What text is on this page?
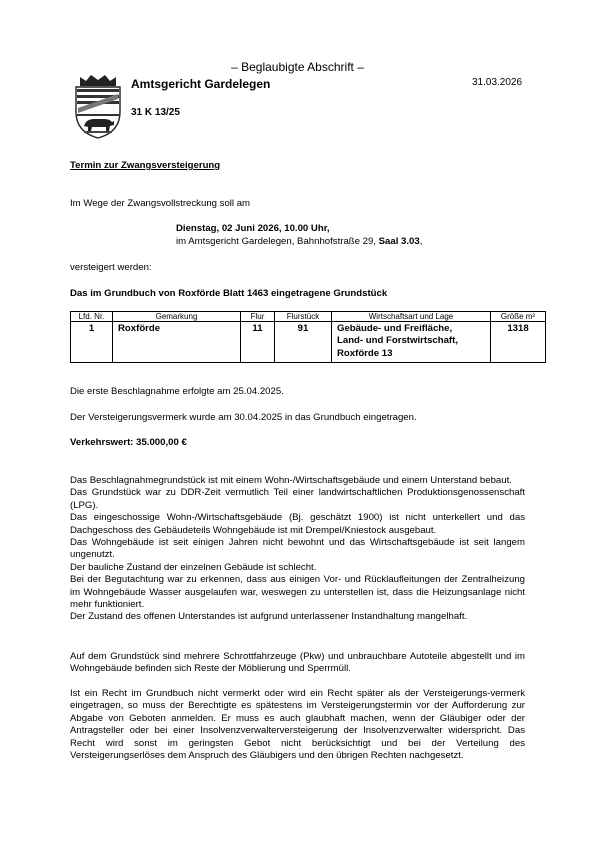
– Beglaubigte Abschrift –
Amtsgericht Gardelegen	31.03.2026
31 K 13/25
Termin zur Zwangsversteigerung
Im Wege der Zwangsvollstreckung soll am
Dienstag, 02 Juni 2026, 10.00 Uhr,
im Amtsgericht Gardelegen, Bahnhofstraße 29, Saal 3.03,
versteigert werden:
Das im Grundbuch von Roxförde Blatt 1463 eingetragene Grundstück
Lfd. Nr.	Gemarkung	Flur	Flurstück	Wirtschaftsart und Lage	Größe m²
1	Roxförde	11	91	Gebäude- und Freifläche,
Land- und Forstwirtschaft,
Roxförde 13	1318
Die erste Beschlagnahme erfolgte am 25.04.2025.
Der Versteigerungsvermerk wurde am 30.04.2025 in das Grundbuch eingetragen.
Verkehrswert: 35.000,00 €

Das Beschlagnahmegrundstück ist mit einem Wohn-/Wirtschaftsgebäude und einem Unterstand bebaut.

Das Grundstück war zu DDR-Zeit vermutlich Teil einer landwirtschaftlichen Produktionsgenossenschaft (LPG).

Das eingeschossige Wohn-/Wirtschaftsgebäude (Bj. geschätzt 1900) ist nicht unterkellert und das Dachgeschoss des Gebäudeteils Wohngebäude ist mit Drempel/Kniestock ausgebaut.

Das Wohngebäude ist seit einigen Jahren nicht bewohnt und das Wirtschaftsgebäude ist seit langem ungenutzt.

Der bauliche Zustand der einzelnen Gebäude ist schlecht.

Bei der Begutachtung war zu erkennen, dass aus einigen Vor- und Rücklaufleitungen der Zentralheizung im Wohngebäude Wasser ausgelaufen war, weswegen zu unterstellen ist, dass die Heizungsanlage nicht mehr funktioniert.

Der Zustand des offenen Unterstandes ist aufgrund unterlassener Instandhaltung mangelhaft.

Auf dem Grundstück sind mehrere Schrottfahrzeuge (Pkw) und unbrauchbare Autoteile abgestellt und im Wohngebäude befinden sich Reste der Möblierung und Sperrmüll.

Ist ein Recht im Grundbuch nicht vermerkt oder wird ein Recht später als der Versteigerungs-vermerk eingetragen, so muss der Berechtigte es spätestens im Versteigerungstermin vor der Aufforderung zur Abgabe von Geboten anmelden. Er muss es auch glaubhaft machen, wenn der Gläubiger oder der Antragsteller oder bei einer Insolvenzverwalterversteigerung der Insolvenzverwalter widerspricht. Das Recht wird sonst im geringsten Gebot nicht berücksichtigt und bei der Verteilung des Versteigerungserlöses dem Anspruch des Gläubigers und den übrigen Rechten nachgesetzt.
